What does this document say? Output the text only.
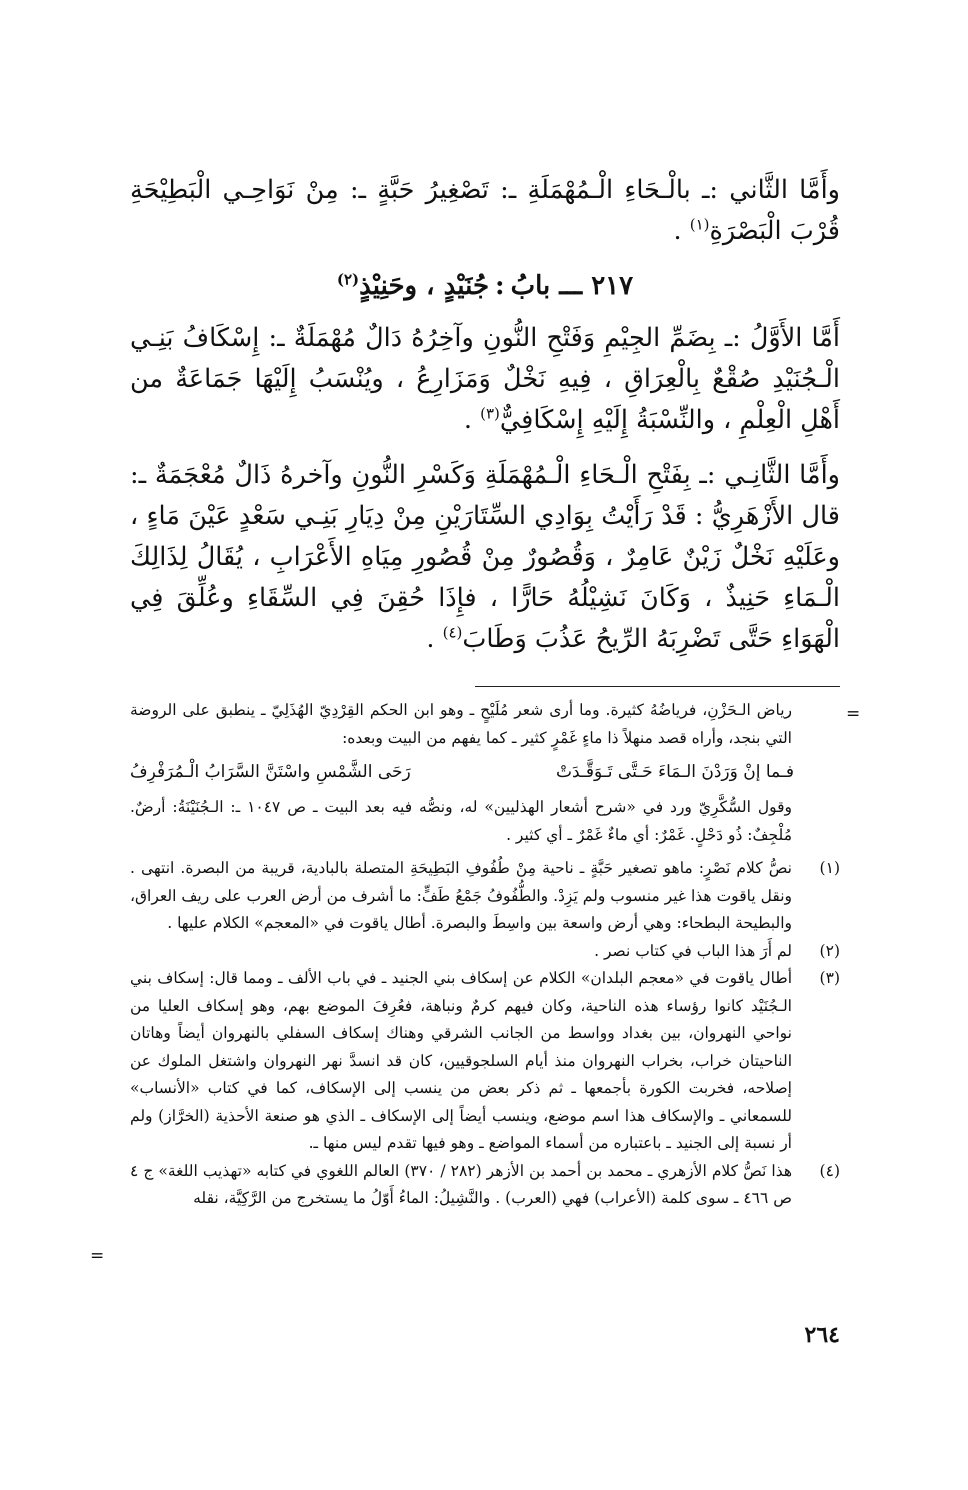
وأَمَّا الثَّاني :ـ بالْـحَاءِ الْـمُهْمَلَةِ ـ: تَصْغِيرُ حَبَّةٍ ـ: مِنْ نَوَاحِـي الْبَطِيْحَةِ قُرْبَ الْبَصْرَةِ$^{(١)}$ .

٢١٧ ـــ بابُ:جُنَيْدٍ ، وحَنِيْذٍ$^{(٢)}$

أَمَّا الأَوَّلُ :ـ بِضَمِّ الجِيْمِ وَفَتْحِ النُّونِ وآخِرُهُ دَالٌ مُهْمَلَةٌ ـ: إِسْكَافُ بَنِـي الْـجُنَيْدِ صُقْعٌ بِالْعِرَاقِ ، فِيهِ نَخْلٌ وَمَزَارِعُ ، ويُنْسَبُ إِلَيْهَا جَمَاعَةٌ من أَهْلِ الْعِلْمِ ، والنِّسْبَةُ إِلَيْهِ إِسْكَافِيٌّ$^{(٣)}$ .

وأَمَّا الثَّانِـي :ـ بِفَتْحِ الْـحَاءِ الْـمُهْمَلَةِ وَكَسْرِ النُّونِ وآخرهُ ذَالٌ مُعْجَمَةٌ ـ: قال الأَزْهَرِيُّ : قَدْ رَأَيْتُ بِوَادِي السِّتَارَيْنِ مِنْ دِيَارِ بَنِـي سَعْدٍ عَيْنَ مَاءٍ ، وعَلَيْهِ نَخْلٌ زَيْنٌ عَامِرٌ ، وَقُصُورٌ مِنْ قُصُورِ مِيَاهِ الأَعْرَابِ ، يُقَالُ لِذَالِكَ الْـمَاءِ حَنِيذٌ ، وَكَانَ نَشِيْلُهُ حَارًّا ، فإِذَا حُقِنَ فِي السِّقَاءِ وعُلِّقَ فِي الْهَوَاءِ حَتَّى تَضْرِبَهُ الرِّيحُ عَذُبَ وَطَابَ$^{(٤)}$ .

=
رياض الـحَزْنِ، فرياضُهُ كثيرة. وما أرى شعر مُلَيْحٍ ـ وهو ابن الحكم القِرْدِيّ الهُذَلِيّ ـ ينطبق على الروضة التي بنجد، وأراه قصد منهلاً ذا ماءٍ غَمْرٍ كثير ـ كما يفهم من البيت وبعده:
فـما إنْ وَرَدْنَ الـمَاءَ حَـتَّى تَـوَقَّـدَتْ
رَحَى الشَّمْسِ واسْتَنَّ السَّرَابُ الْـمُرَفْرِفُ
وقول السُّكَّرِيّ ورد في «شرح أشعار الهذليين» له، ونصُّه فيه بعد البيت ـ ص ١٠٤٧ ـ: الـجُنَيْنَةُ: أرضٌ. مُلْجِفٌ: ذُو دَحْلٍ. غَمْرٌ: أي ماءٌ غَمْرٌ ـ أي كثير .
(١)
نصُّ كلام نَصْرٍ: ماهو تصغير حَبَّةٍ ـ ناحية مِنْ طُفُوفِ البَطِيحَةِ المتصلة بالبادية، قريبة من البصرة. انتهى . ونقل ياقوت هذا غير منسوب ولم يَزِدْ. والطُّفُوفُ جَمْعُ طَفٍّ: ما أشرف من أرض العرب على ريف العراق، والبطيحة البطحاء: وهي أرض واسعة بين واسِطَ والبصرة. أطال ياقوت في «المعجم» الكلام عليها .
(٢)
لم أَرَ هذا الباب في كتاب نصر .
(٣)
أطال ياقوت في «معجم البلدان» الكلام عن إسكاف بني الجنيد ـ في باب الألف ـ ومما قال: إسكاف بني الـجُنَيْد كانوا رؤساء هذه الناحية، وكان فيهم كرمٌ ونباهة، فعُرِفَ الموضع بهم، وهو إسكاف العليا من نواحي النهروان، بين بغداد وواسط من الجانب الشرقي وهناك إسكاف السفلي بالنهروان أيضاً وهاتان الناحيتان خراب، بخراب النهروان منذ أيام السلجوقيين، كان قد انسدَّ نهر النهروان واشتغل الملوك عن إصلاحه، فخربت الكورة بأجمعها ـ ثم ذكر بعض من ينسب إلى الإسكاف، كما في كتاب «الأنساب» للسمعاني ـ والإسكاف هذا اسم موضع، وينسب أيضاً إلى الإسكاف ـ الذي هو صنعة الأحذية (الخرَّاز) ولم أر نسبة إلى الجنيد ـ باعتباره من أسماء المواضع ـ وهو فيها تقدم ليس منها ـ.
(٤)
هذا نَصُّ كلام الأزهري ـ محمد بن أحمد بن الأزهر (٢٨٢ / ٣٧٠) العالم اللغوي في كتابه «تهذيب اللغة» ج ٤ ص ٤٦٦ ـ سوى كلمة (الأعراب) فهي (العرب) . والنَّشِيلُ: الماءُ أَوّلُ ما يستخرج من الرَّكِيَّة، نقله
=
٢٦٤
